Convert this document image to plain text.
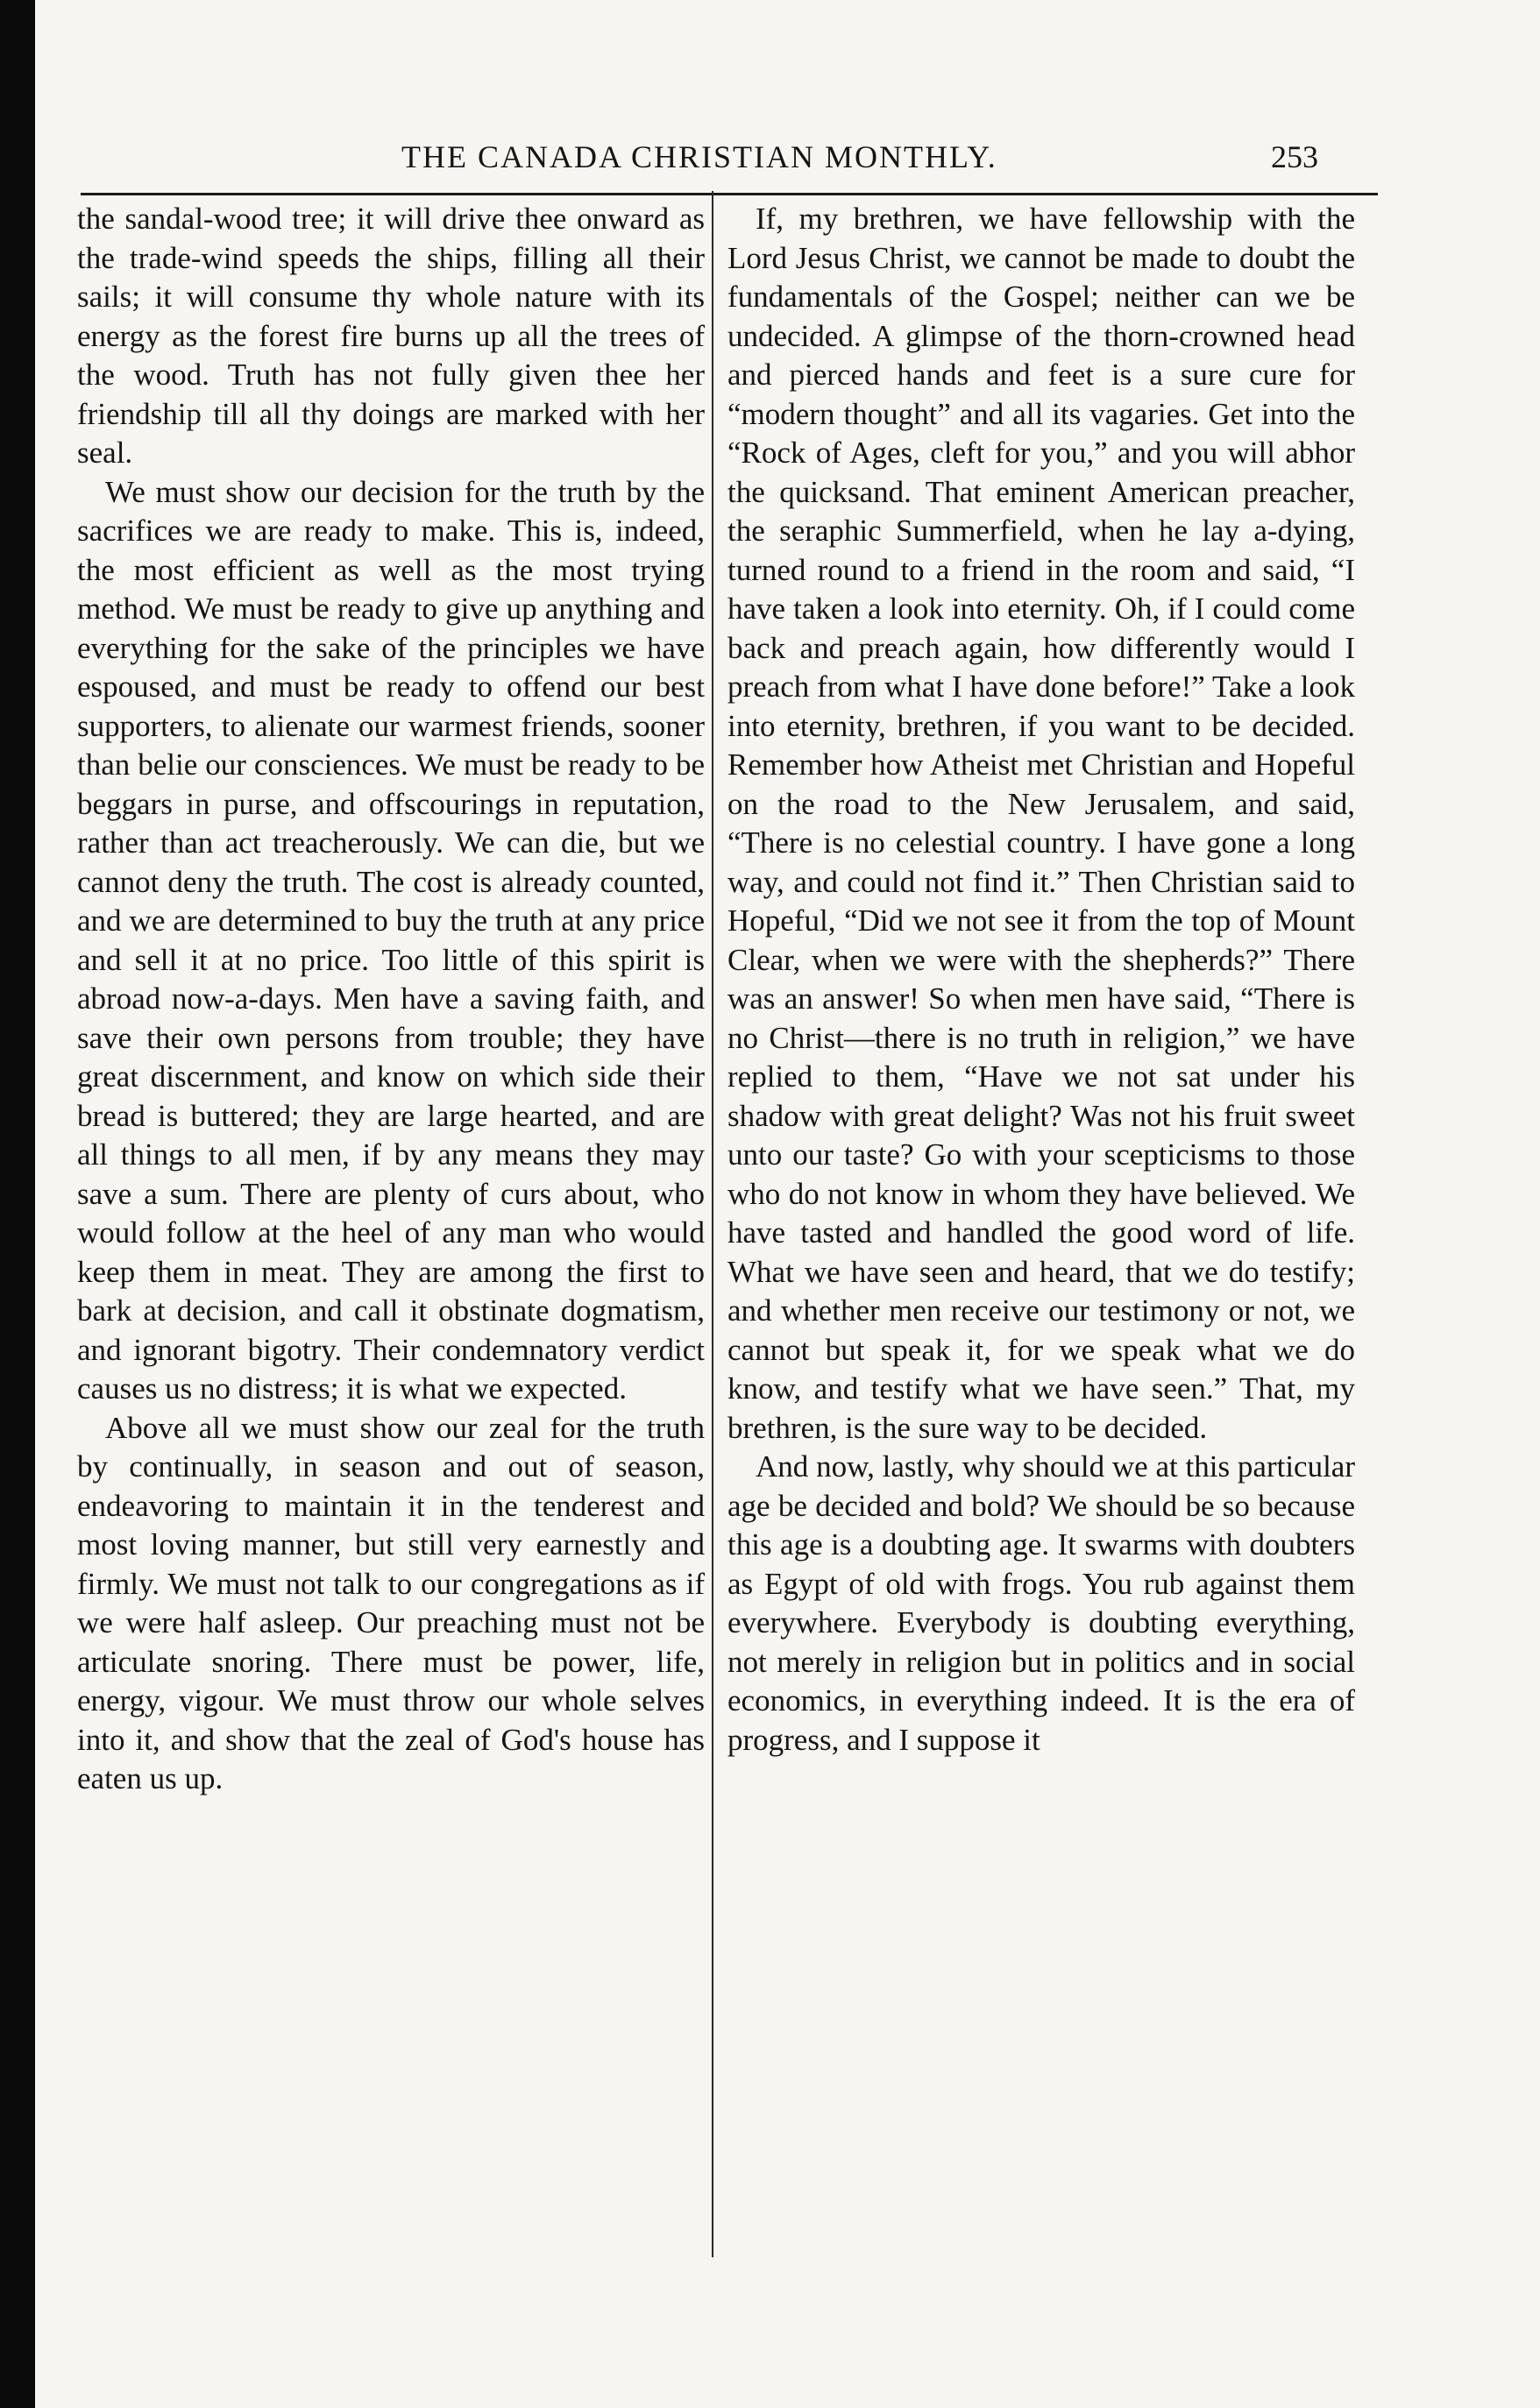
THE CANADA CHRISTIAN MONTHLY.	253

the sandal-wood tree; it will drive thee onward as the trade-wind speeds the ships, filling all their sails; it will consume thy whole nature with its energy as the forest fire burns up all the trees of the wood. Truth has not fully given thee her friendship till all thy doings are marked with her seal.

We must show our decision for the truth by the sacrifices we are ready to make. This is, indeed, the most efficient as well as the most trying method. We must be ready to give up anything and everything for the sake of the principles we have espoused, and must be ready to offend our best supporters, to alienate our warmest friends, sooner than belie our consciences. We must be ready to be beggars in purse, and offscourings in reputation, rather than act treacherously. We can die, but we cannot deny the truth. The cost is already counted, and we are determined to buy the truth at any price and sell it at no price. Too little of this spirit is abroad now-a-days. Men have a saving faith, and save their own persons from trouble; they have great discernment, and know on which side their bread is buttered; they are large hearted, and are all things to all men, if by any means they may save a sum. There are plenty of curs about, who would follow at the heel of any man who would keep them in meat. They are among the first to bark at decision, and call it obstinate dogmatism, and ignorant bigotry. Their condemnatory verdict causes us no distress; it is what we expected.

Above all we must show our zeal for the truth by continually, in season and out of season, endeavoring to maintain it in the tenderest and most loving manner, but still very earnestly and firmly. We must not talk to our congregations as if we were half asleep. Our preaching must not be articulate snoring. There must be power, life, energy, vigour. We must throw our whole selves into it, and show that the zeal of God's house has eaten us up.

If, my brethren, we have fellowship with the Lord Jesus Christ, we cannot be made to doubt the fundamentals of the Gospel; neither can we be undecided. A glimpse of the thorn-crowned head and pierced hands and feet is a sure cure for “modern thought” and all its vagaries. Get into the “Rock of Ages, cleft for you,” and you will abhor the quicksand. That eminent American preacher, the seraphic Summerfield, when he lay a-dying, turned round to a friend in the room and said, “I have taken a look into eternity. Oh, if I could come back and preach again, how differently would I preach from what I have done before!” Take a look into eternity, brethren, if you want to be decided. Remember how Atheist met Christian and Hopeful on the road to the New Jerusalem, and said, “There is no celestial country. I have gone a long way, and could not find it.” Then Christian said to Hopeful, “Did we not see it from the top of Mount Clear, when we were with the shepherds?” There was an answer! So when men have said, “There is no Christ—there is no truth in religion,” we have replied to them, “Have we not sat under his shadow with great delight? Was not his fruit sweet unto our taste? Go with your scepticisms to those who do not know in whom they have believed. We have tasted and handled the good word of life. What we have seen and heard, that we do testify; and whether men receive our testimony or not, we cannot but speak it, for we speak what we do know, and testify what we have seen.” That, my brethren, is the sure way to be decided.

And now, lastly, why should we at this particular age be decided and bold? We should be so because this age is a doubting age. It swarms with doubters as Egypt of old with frogs. You rub against them everywhere. Everybody is doubting everything, not merely in religion but in politics and in social economics, in everything indeed. It is the era of progress, and I suppose it
